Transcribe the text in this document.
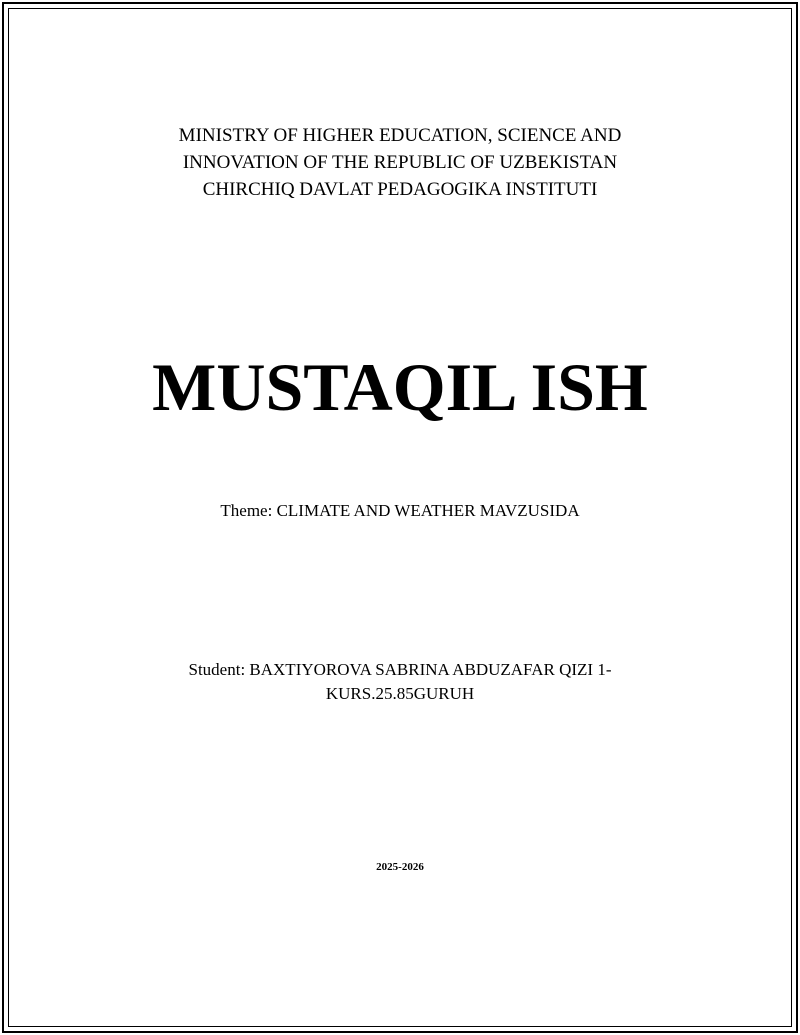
MINISTRY OF HIGHER EDUCATION, SCIENCE AND
INNOVATION OF THE REPUBLIC OF UZBEKISTAN
CHIRCHIQ DAVLAT PEDAGOGIKA INSTITUTI
MUSTAQIL ISH
Theme: CLIMATE AND WEATHER MAVZUSIDA
Student: BAXTIYOROVA SABRINA ABDUZAFAR QIZI 1-
KURS.25.85GURUH
2025-2026
